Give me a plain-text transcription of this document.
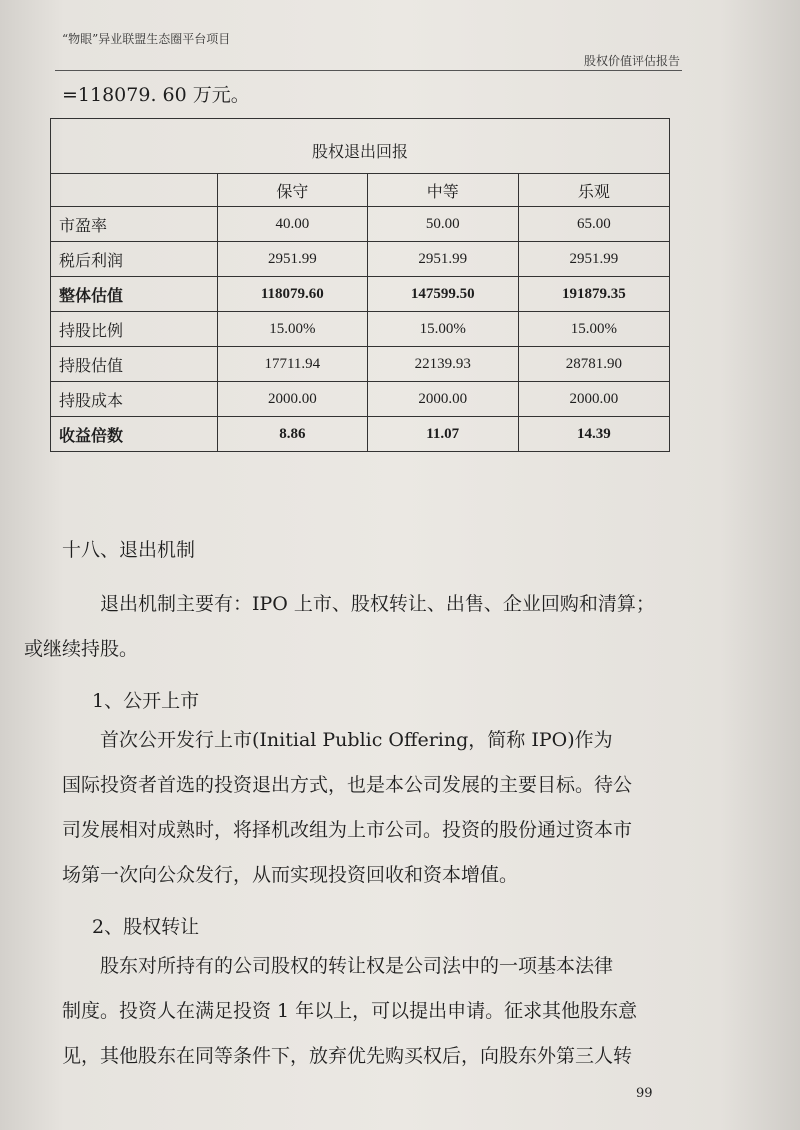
“物眼”异业联盟生态圈平台项目
股权价值评估报告
=118079. 60 万元。
股权退出回报			
	保守	中等	乐观
市盈率	40.00	50.00	65.00
税后利润	2951.99	2951.99	2951.99
整体估值	118079.60	147599.50	191879.35
持股比例	15.00%	15.00%	15.00%
持股估值	17711.94	22139.93	28781.90
持股成本	2000.00	2000.00	2000.00
收益倍数	8.86	11.07	14.39
十八、退出机制
退出机制主要有：IPO 上市、股权转让、出售、企业回购和清算；
或继续持股。
1、公开上市
首次公开发行上市(Initial Public Offering，简称 IPO)作为
国际投资者首选的投资退出方式，也是本公司发展的主要目标。待公
司发展相对成熟时，将择机改组为上市公司。投资的股份通过资本市
场第一次向公众发行，从而实现投资回收和资本增值。
2、股权转让
股东对所持有的公司股权的转让权是公司法中的一项基本法律
制度。投资人在满足投资 1 年以上，可以提出申请。征求其他股东意
见，其他股东在同等条件下，放弃优先购买权后，向股东外第三人转
99
